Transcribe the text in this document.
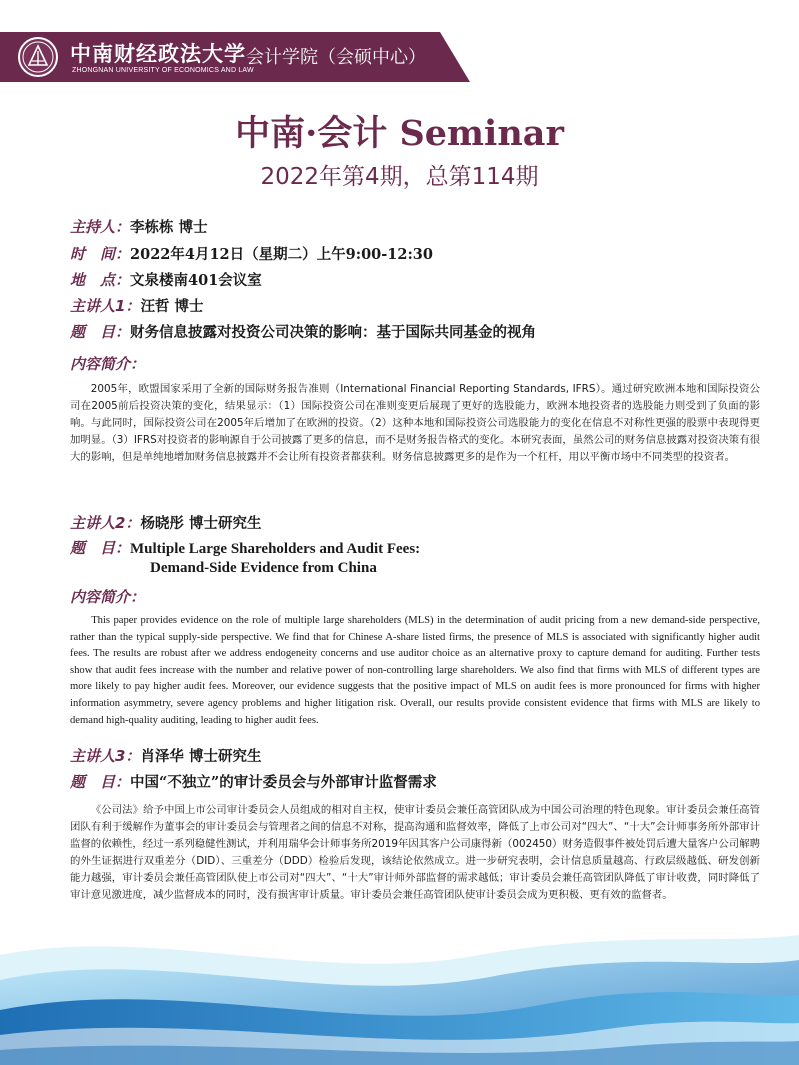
中南财经政法大学
ZHONGNAN UNIVERSITY OF ECONOMICS AND LAW
会计学院（会硕中心）
中南·会计 Seminar
2022年第4期，总第114期
主持人：李栋栋 博士
时　间：2022年4月12日（星期二）上午9:00-12:30
地　点：文泉楼南401会议室
主讲人1：汪哲 博士
题　目：财务信息披露对投资公司决策的影响：基于国际共同基金的视角
内容简介：

2005年，欧盟国家采用了全新的国际财务报告准则（International Financial Reporting Standards, IFRS）。通过研究欧洲本地和国际投资公司在2005前后投资决策的变化，结果显示：（1）国际投资公司在准则变更后展现了更好的选股能力，欧洲本地投资者的选股能力则受到了负面的影响。与此同时，国际投资公司在2005年后增加了在欧洲的投资。（2）这种本地和国际投资公司选股能力的变化在信息不对称性更强的股票中表现得更加明显。（3）IFRS对投资者的影响源自于公司披露了更多的信息，而不是财务报告格式的变化。本研究表面，虽然公司的财务信息披露对投资决策有很大的影响，但是单纯地增加财务信息披露并不会让所有投资者都获利。财务信息披露更多的是作为一个杠杆，用以平衡市场中不同类型的投资者。

主讲人2：杨晓彤 博士研究生
题　目：Multiple Large Shareholders and Audit Fees:
Demand-Side Evidence from China
内容简介：

This paper provides evidence on the role of multiple large shareholders (MLS) in the determination of audit pricing from a new demand-side perspective, rather than the typical supply-side perspective. We find that for Chinese A-share listed firms, the presence of MLS is associated with significantly higher audit fees. The results are robust after we address endogeneity concerns and use auditor choice as an alternative proxy to capture demand for auditing. Further tests show that audit fees increase with the number and relative power of non-controlling large shareholders. We also find that firms with MLS of different types are more likely to pay higher audit fees. Moreover, our evidence suggests that the positive impact of MLS on audit fees is more pronounced for firms with higher information asymmetry, severe agency problems and higher litigation risk. Overall, our results provide consistent evidence that firms with MLS are likely to demand high-quality auditing, leading to higher audit fees.

主讲人3：肖泽华 博士研究生
题　目：中国“不独立”的审计委员会与外部审计监督需求

《公司法》给予中国上市公司审计委员会人员组成的相对自主权，使审计委员会兼任高管团队成为中国公司治理的特色现象。审计委员会兼任高管团队有利于缓解作为董事会的审计委员会与管理者之间的信息不对称，提高沟通和监督效率，降低了上市公司对“四大”、“十大”会计师事务所外部审计监督的依赖性，经过一系列稳健性测试，并利用瑞华会计师事务所2019年因其客户公司康得新（002450）财务造假事件被处罚后遭大量客户公司解聘的外生证据进行双重差分（DID）、三重差分（DDD）检验后发现，该结论依然成立。进一步研究表明，会计信息质量越高、行政层级越低、研发创新能力越强，审计委员会兼任高管团队使上市公司对“四大”、“十大”审计师外部监督的需求越低；审计委员会兼任高管团队降低了审计收费，同时降低了审计意见激进度，减少监督成本的同时，没有损害审计质量。审计委员会兼任高管团队使审计委员会成为更积极、更有效的监督者。
